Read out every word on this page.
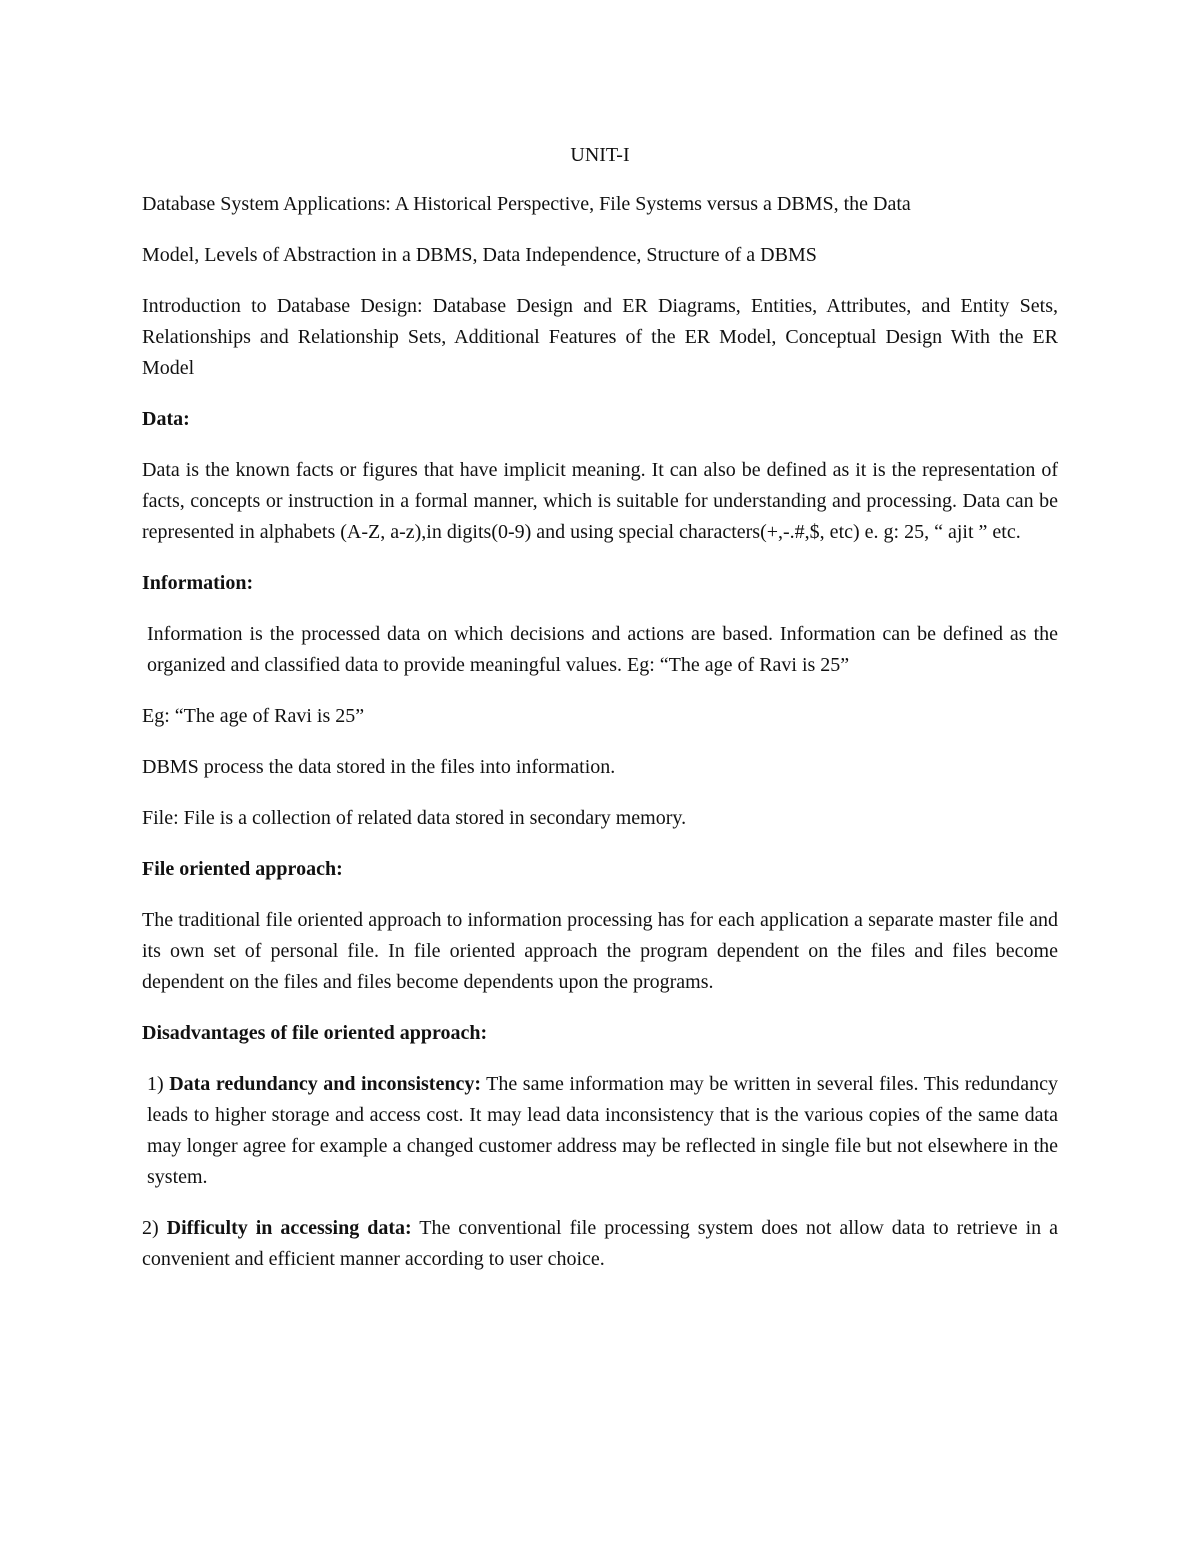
UNIT-I

Database System Applications: A Historical Perspective, File Systems versus a DBMS, the Data

Model, Levels of Abstraction in a DBMS, Data Independence, Structure of a DBMS

Introduction to Database Design: Database Design and ER Diagrams, Entities, Attributes, and Entity Sets, Relationships and Relationship Sets, Additional Features of the ER Model, Conceptual Design With the ER Model

Data:

Data is the known facts or figures that have implicit meaning. It can also be defined as it is the representation of facts, concepts or instruction in a formal manner, which is suitable for understanding and processing. Data can be represented in alphabets (A-Z, a-z),in digits(0-9) and using special characters(+,-.#,$, etc) e. g: 25, “ ajit ” etc.

Information:

Information is the processed data on which decisions and actions are based. Information can be defined as the organized and classified data to provide meaningful values. Eg: “The age of Ravi is 25”

Eg: “The age of Ravi is 25”

DBMS process the data stored in the files into information.

File: File is a collection of related data stored in secondary memory.

File oriented approach:

The traditional file oriented approach to information processing has for each application a separate master file and its own set of personal file. In file oriented approach the program dependent on the files and files become dependent on the files and files become dependents upon the programs.

Disadvantages of file oriented approach:

1) Data redundancy and inconsistency: The same information may be written in several files. This redundancy leads to higher storage and access cost. It may lead data inconsistency that is the various copies of the same data may longer agree for example a changed customer address may be reflected in single file but not elsewhere in the system.

2) Difficulty in accessing data: The conventional file processing system does not allow data to retrieve in a convenient and efficient manner according to user choice.
